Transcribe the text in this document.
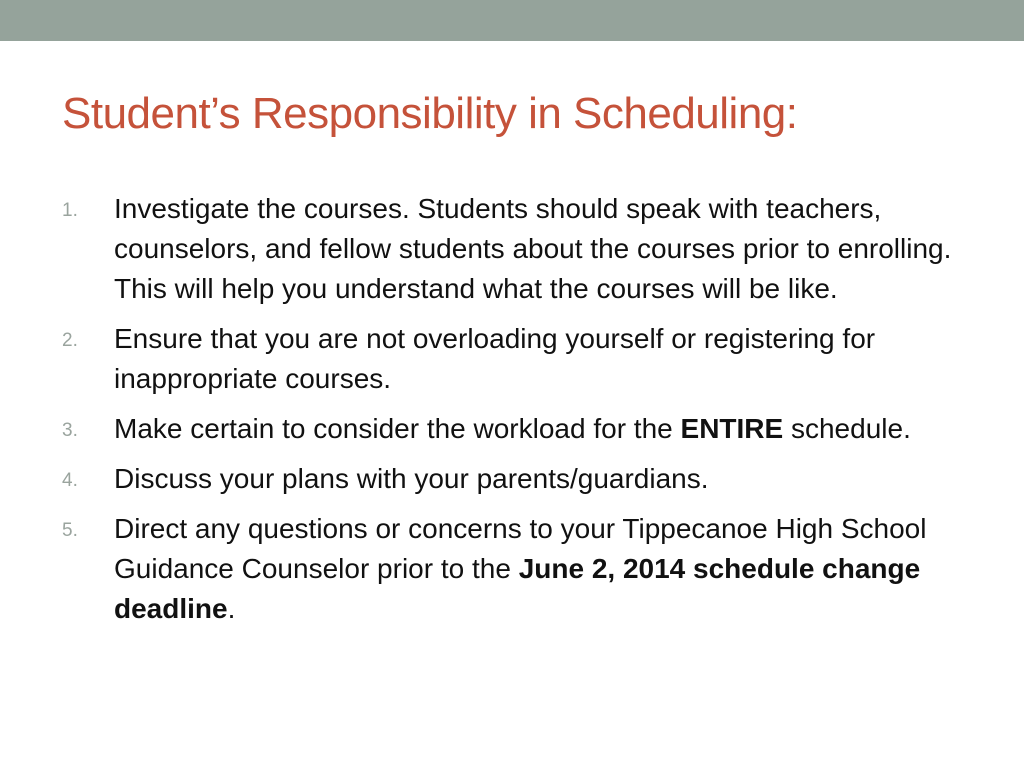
Student’s Responsibility in Scheduling:
1.	Investigate the courses. Students should speak with teachers, counselors, and fellow students about the courses prior to enrolling. This will help you understand what the courses will be like.
2.	Ensure that you are not overloading yourself or registering for inappropriate courses.
3.	Make certain to consider the workload for the ENTIRE schedule.
4.	Discuss your plans with your parents/guardians.
5.	Direct any questions or concerns to your Tippecanoe High School Guidance Counselor prior to the June 2, 2014 schedule change deadline.
